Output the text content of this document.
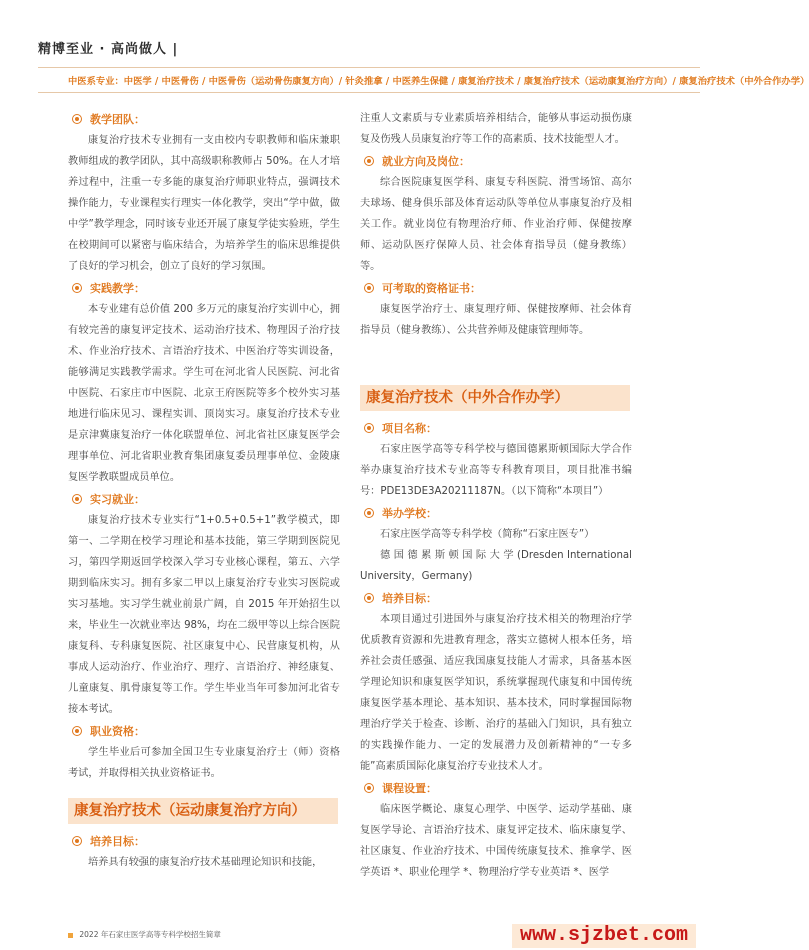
精博至业 · 高尚做人 |
中医系专业：中医学 / 中医骨伤 / 中医骨伤（运动骨伤康复方向）/ 针灸推拿 / 中医养生保健 / 康复治疗技术 / 康复治疗技术（运动康复治疗方向）/ 康复治疗技术（中外合作办学）
教学团队：

康复治疗技术专业拥有一支由校内专职教师和临床兼职教师组成的教学团队，其中高级职称教师占 50%。在人才培养过程中，注重一专多能的康复治疗师职业特点，强调技术操作能力，专业课程实行理实一体化教学，突出“学中做，做中学”教学理念，同时该专业还开展了康复学徒实验班，学生在校期间可以紧密与临床结合，为培养学生的临床思维提供了良好的学习机会，创立了良好的学习氛围。

实践教学：

本专业建有总价值 200 多万元的康复治疗实训中心，拥有较完善的康复评定技术、运动治疗技术、物理因子治疗技术、作业治疗技术、言语治疗技术、中医治疗等实训设备，能够满足实践教学需求。学生可在河北省人民医院、河北省中医院、石家庄市中医院、北京王府医院等多个校外实习基地进行临床见习、课程实训、顶岗实习。康复治疗技术专业是京津冀康复治疗一体化联盟单位、河北省社区康复医学会理事单位、河北省职业教育集团康复委员理事单位、金陵康复医学教联盟成员单位。

实习就业：

康复治疗技术专业实行“1+0.5+0.5+1”教学模式，即第一、二学期在校学习理论和基本技能，第三学期到医院见习，第四学期返回学校深入学习专业核心课程，第五、六学期到临床实习。拥有多家二甲以上康复治疗专业实习医院或实习基地。实习学生就业前景广阔，自 2015 年开始招生以来，毕业生一次就业率达 98%，均在二级甲等以上综合医院康复科、专科康复医院、社区康复中心、民营康复机构，从事成人运动治疗、作业治疗、理疗、言语治疗、神经康复、儿童康复、肌骨康复等工作。学生毕业当年可参加河北省专接本考试。

职业资格：

学生毕业后可参加全国卫生专业康复治疗士（师）资格考试，并取得相关执业资格证书。

康复治疗技术（运动康复治疗方向）
培养目标：

培养具有较强的康复治疗技术基础理论知识和技能，

注重人文素质与专业素质培养相结合，能够从事运动损伤康复及伤残人员康复治疗等工作的高素质、技术技能型人才。

就业方向及岗位：

综合医院康复医学科、康复专科医院、滑雪场馆、高尔夫球场、健身俱乐部及体育运动队等单位从事康复治疗及相关工作。就业岗位有物理治疗师、作业治疗师、保健按摩师、运动队医疗保障人员、社会体育指导员（健身教练）等。

可考取的资格证书：

康复医学治疗士、康复理疗师、保健按摩师、社会体育指导员（健身教练）、公共营养师及健康管理师等。

康复治疗技术（中外合作办学）
项目名称：

石家庄医学高等专科学校与德国德累斯顿国际大学合作举办康复治疗技术专业高等专科教育项目，项目批准书编号：PDE13DE3A20211187N。（以下简称“本项目”）

举办学校：

石家庄医学高等专科学校（简称“石家庄医专”）

德 国 德 累 斯 顿 国 际 大 学 (Dresden International University，Germany)

培养目标：

本项目通过引进国外与康复治疗技术相关的物理治疗学优质教育资源和先进教育理念，落实立德树人根本任务，培养社会责任感强、适应我国康复技能人才需求，具备基本医学理论知识和康复医学知识，系统掌握现代康复和中国传统康复医学基本理论、基本知识、基本技术，同时掌握国际物理治疗学关于检查、诊断、治疗的基础入门知识，具有独立的实践操作能力、一定的发展潜力及创新精神的“一专多能”高素质国际化康复治疗专业技术人才。

课程设置：

临床医学概论、康复心理学、中医学、运动学基础、康复医学导论、言语治疗技术、康复评定技术、临床康复学、社区康复、作业治疗技术、中国传统康复技术、推拿学、医学英语 *、职业伦理学 *、物理治疗学专业英语 *、医学

2022 年石家庄医学高等专科学校招生简章	www.sjzbet.com
